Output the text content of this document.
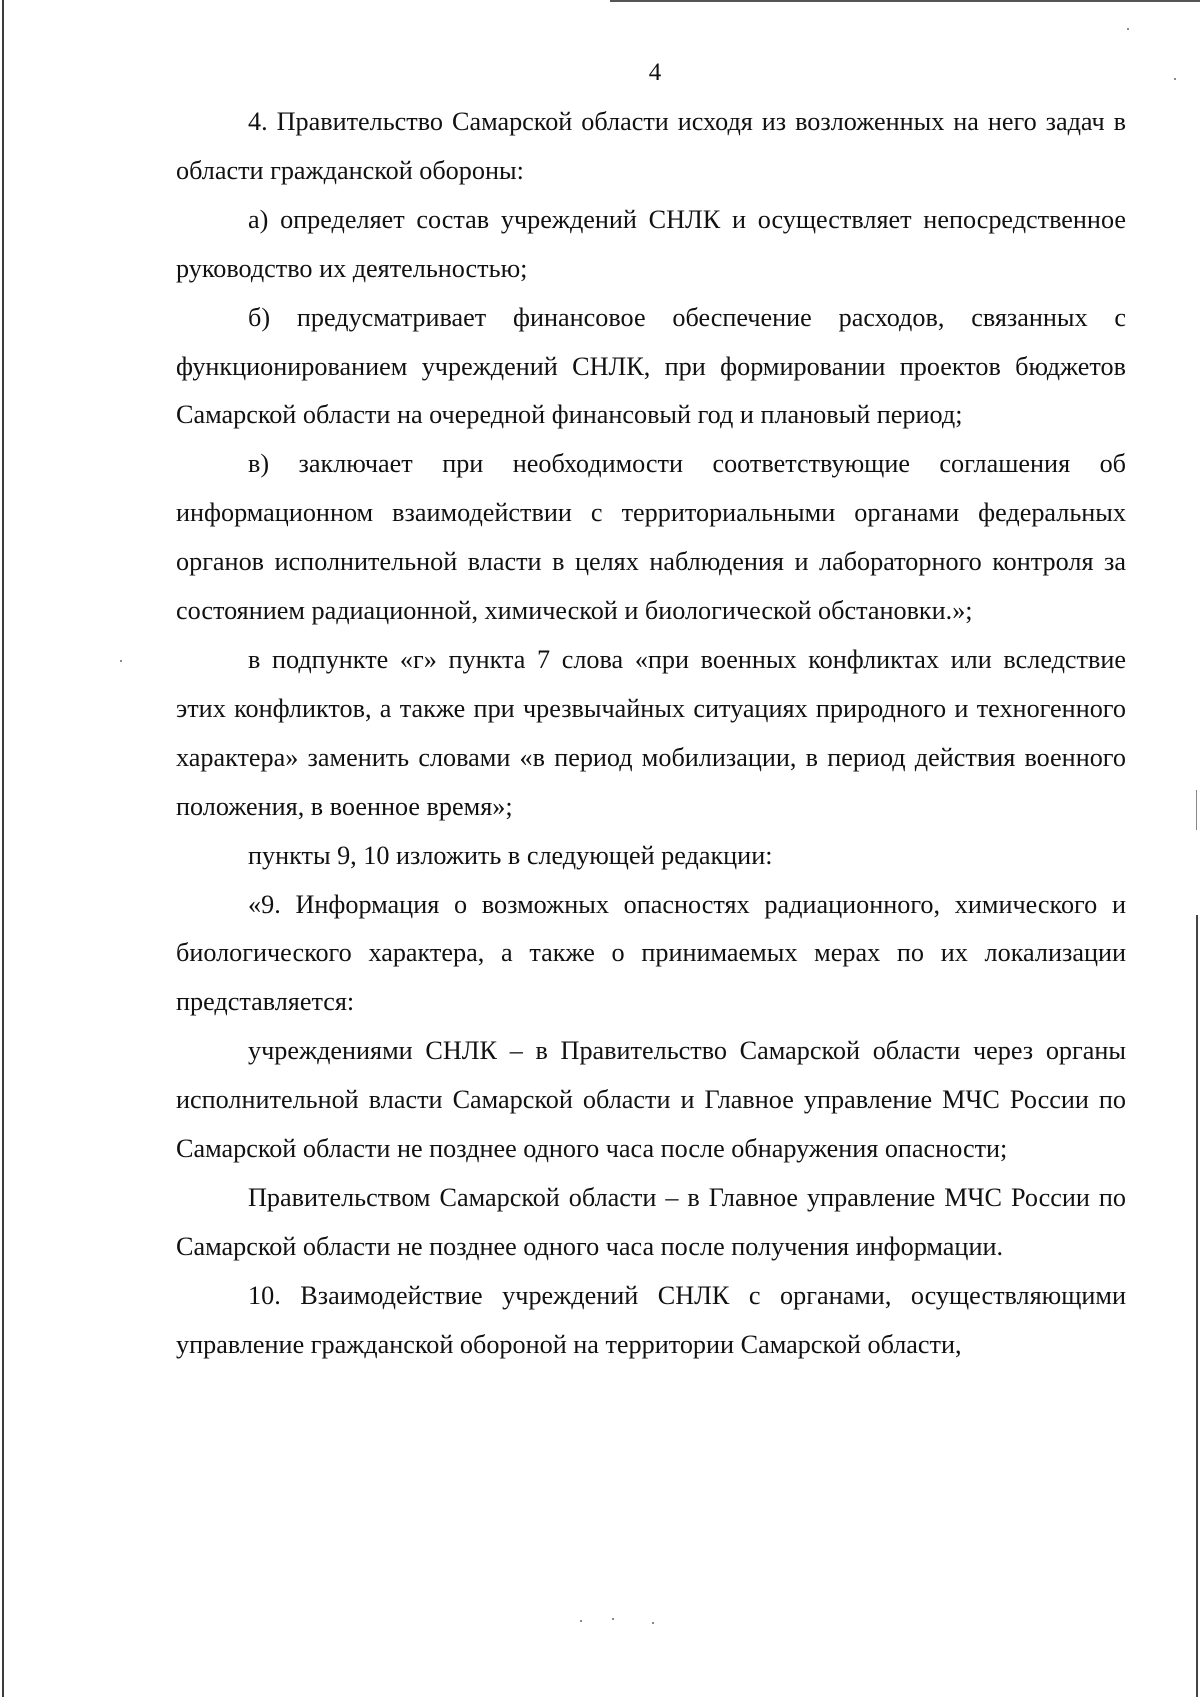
4

4. Правительство Самарской области исходя из возложенных на него задач в области гражданской обороны:

а) определяет состав учреждений СНЛК и осуществляет непосредственное руководство их деятельностью;

б) предусматривает финансовое обеспечение расходов, связанных с функционированием учреждений СНЛК, при формировании проектов бюджетов Самарской области на очередной финансовый год и плановый период;

в) заключает при необходимости соответствующие соглашения об информационном взаимодействии с территориальными органами федеральных органов исполнительной власти в целях наблюдения и лабораторного контроля за состоянием радиационной, химической и биологической обстановки.»;

в подпункте «г» пункта 7 слова «при военных конфликтах или вследствие этих конфликтов, а также при чрезвычайных ситуациях природного и техногенного характера» заменить словами «в период мобилизации, в период действия военного положения, в военное время»;

пункты 9, 10 изложить в следующей редакции:

«9. Информация о возможных опасностях радиационного, химического и биологического характера, а также о принимаемых мерах по их локализации представляется:

учреждениями СНЛК – в Правительство Самарской области через органы исполнительной власти Самарской области и Главное управление МЧС России по Самарской области не позднее одного часа после обнаружения опасности;

Правительством Самарской области – в Главное управление МЧС России по Самарской области не позднее одного часа после получения информации.

10. Взаимодействие учреждений СНЛК с органами, осуществляющими управление гражданской обороной на территории Самарской области,
